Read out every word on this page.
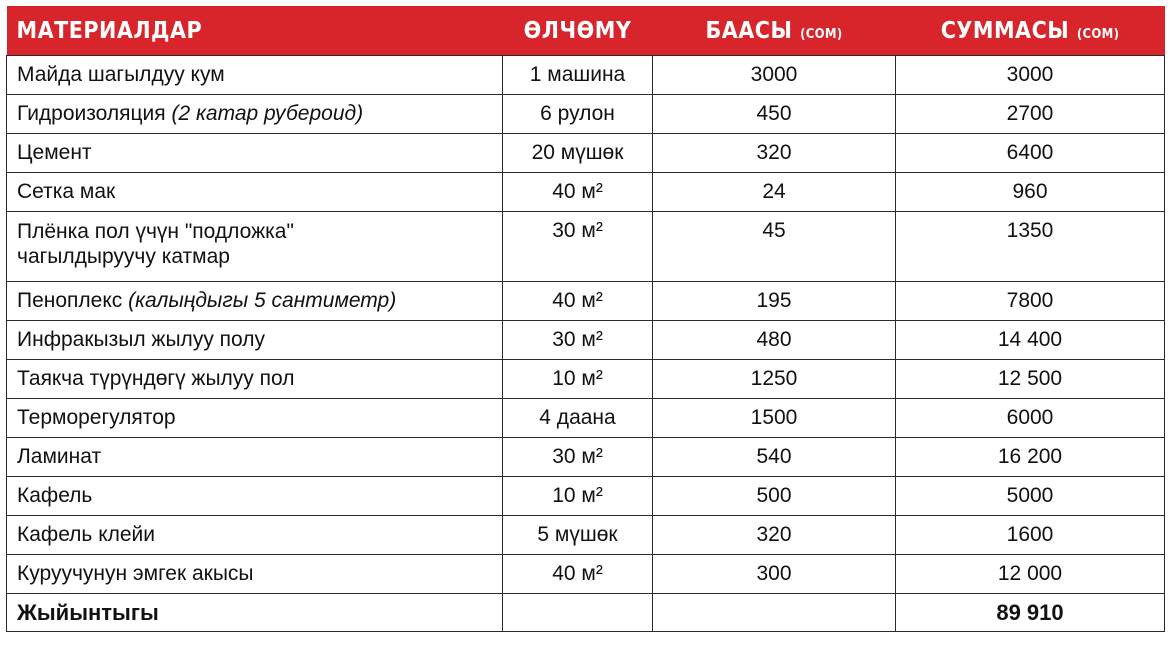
МАТЕРИАЛДАР	ӨЛЧӨМҮ	БААСЫ (СОМ)	СУММАСЫ (СОМ)
Майда шагылдуу кум	1 машина	3000	3000
Гидроизоляция (2 катар рубероид)	6 рулон	450	2700
Цемент	20 мүшөк	320	6400
Сетка мак	40 м²	24	960
Плёнка пол үчүн "подложка"
чагылдыруучу катмар	30 м²	45	1350
Пеноплекс (калыңдыгы 5 сантиметр)	40 м²	195	7800
Инфракызыл жылуу полу	30 м²	480	14 400
Таякча түрүндөгү жылуу пол	10 м²	1250	12 500
Терморегулятор	4 даана	1500	6000
Ламинат	30 м²	540	16 200
Кафель	10 м²	500	5000
Кафель клейи	5 мүшөк	320	1600
Куруучунун эмгек акысы	40 м²	300	12 000
Жыйынтыгы			89 910
